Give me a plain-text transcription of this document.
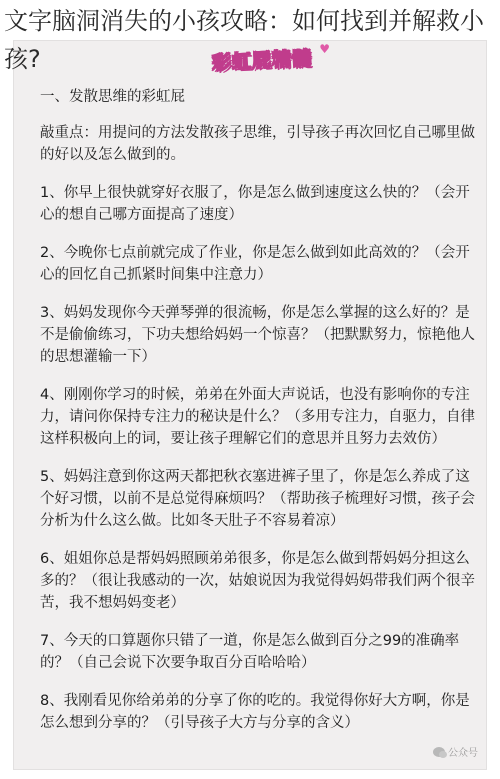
文字脑洞消失的小孩攻略：如何找到并解救小孩?	彩虹屁精髓 ♥

一、发散思维的彩虹屁

敲重点：用提问的方法发散孩子思维，引导孩子再次回忆自己哪里做的好以及怎么做到的。

1、你早上很快就穿好衣服了，你是怎么做到速度这么快的？（会开心的想自己哪方面提高了速度）

2、今晚你七点前就完成了作业，你是怎么做到如此高效的？（会开心的回忆自己抓紧时间集中注意力）

3、妈妈发现你今天弹琴弹的很流畅，你是怎么掌握的这么好的？是不是偷偷练习，下功夫想给妈妈一个惊喜？（把默默努力，惊艳他人的思想灌输一下）

4、刚刚你学习的时候，弟弟在外面大声说话，也没有影响你的专注力，请问你保持专注力的秘诀是什么？（多用专注力，自驱力，自律这样积极向上的词，要让孩子理解它们的意思并且努力去效仿）

5、妈妈注意到你这两天都把秋衣塞进裤子里了，你是怎么养成了这个好习惯，以前不是总觉得麻烦吗？（帮助孩子梳理好习惯，孩子会分析为什么这么做。比如冬天肚子不容易着凉）

6、姐姐你总是帮妈妈照顾弟弟很多，你是怎么做到帮妈妈分担这么多的？（很让我感动的一次，姑娘说因为我觉得妈妈带我们两个很辛苦，我不想妈妈变老）

7、今天的口算题你只错了一道，你是怎么做到百分之99的准确率的？（自己会说下次要争取百分百哈哈哈）

8、我刚看见你给弟弟的分享了你的吃的。我觉得你好大方啊，你是怎么想到分享的？（引导孩子大方与分享的含义）

公众号
